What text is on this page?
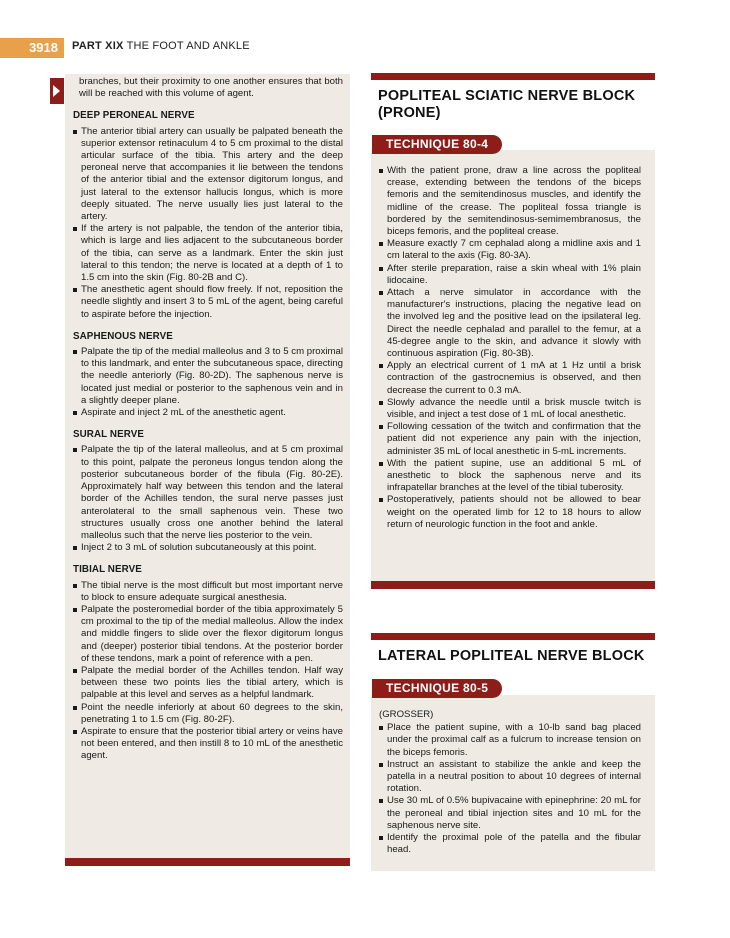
3918	PART XIX THE FOOT AND ANKLE

branches, but their proximity to one another ensures that both will be reached with this volume of agent.

DEEP PERONEAL NERVE
The anterior tibial artery can usually be palpated beneath the superior extensor retinaculum 4 to 5 cm proximal to the distal articular surface of the tibia. This artery and the deep peroneal nerve that accompanies it lie between the tendons of the anterior tibial and the extensor digitorum longus, and just lateral to the extensor hallucis longus, which is more deeply situated. The nerve usually lies just lateral to the artery.
If the artery is not palpable, the tendon of the anterior tibia, which is large and lies adjacent to the subcutaneous border of the tibia, can serve as a landmark. Enter the skin just lateral to this tendon; the nerve is located at a depth of 1 to 1.5 cm into the skin (Fig. 80-2B and C).
The anesthetic agent should flow freely. If not, reposition the needle slightly and insert 3 to 5 mL of the agent, being careful to aspirate before the injection.
SAPHENOUS NERVE
Palpate the tip of the medial malleolus and 3 to 5 cm proximal to this landmark, and enter the subcutaneous space, directing the needle anteriorly (Fig. 80-2D). The saphenous nerve is located just medial or posterior to the saphenous vein and in a slightly deeper plane.
Aspirate and inject 2 mL of the anesthetic agent.
SURAL NERVE
Palpate the tip of the lateral malleolus, and at 5 cm proximal to this point, palpate the peroneus longus tendon along the posterior subcutaneous border of the fibula (Fig. 80-2E). Approximately half way between this tendon and the lateral border of the Achilles tendon, the sural nerve passes just anterolateral to the small saphenous vein. These two structures usually cross one another behind the lateral malleolus such that the nerve lies posterior to the vein.
Inject 2 to 3 mL of solution subcutaneously at this point.
TIBIAL NERVE
The tibial nerve is the most difficult but most important nerve to block to ensure adequate surgical anesthesia.
Palpate the posteromedial border of the tibia approximately 5 cm proximal to the tip of the medial malleolus. Allow the index and middle fingers to slide over the flexor digitorum longus and (deeper) posterior tibial tendons. At the posterior border of these tendons, mark a point of reference with a pen.
Palpate the medial border of the Achilles tendon. Half way between these two points lies the tibial artery, which is palpable at this level and serves as a helpful landmark.
Point the needle inferiorly at about 60 degrees to the skin, penetrating 1 to 1.5 cm (Fig. 80-2F).
Aspirate to ensure that the posterior tibial artery or veins have not been entered, and then instill 8 to 10 mL of the anesthetic agent.
POPLITEAL SCIATIC NERVE BLOCK (PRONE)
TECHNIQUE 80-4
With the patient prone, draw a line across the popliteal crease, extending between the tendons of the biceps femoris and the semitendinosus muscles, and identify the midline of the crease. The popliteal fossa triangle is bordered by the semitendinosus-semimembranosus, the biceps femoris, and the popliteal crease.
Measure exactly 7 cm cephalad along a midline axis and 1 cm lateral to the axis (Fig. 80-3A).
After sterile preparation, raise a skin wheal with 1% plain lidocaine.
Attach a nerve simulator in accordance with the manufacturer's instructions, placing the negative lead on the involved leg and the positive lead on the ipsilateral leg. Direct the needle cephalad and parallel to the femur, at a 45-degree angle to the skin, and advance it slowly with continuous aspiration (Fig. 80-3B).
Apply an electrical current of 1 mA at 1 Hz until a brisk contraction of the gastrocnemius is observed, and then decrease the current to 0.3 mA.
Slowly advance the needle until a brisk muscle twitch is visible, and inject a test dose of 1 mL of local anesthetic.
Following cessation of the twitch and confirmation that the patient did not experience any pain with the injection, administer 35 mL of local anesthetic in 5-mL increments.
With the patient supine, use an additional 5 mL of anesthetic to block the saphenous nerve and its infrapatellar branches at the level of the tibial tuberosity.
Postoperatively, patients should not be allowed to bear weight on the operated limb for 12 to 18 hours to allow return of neurologic function in the foot and ankle.
LATERAL POPLITEAL NERVE BLOCK
TECHNIQUE 80-5
(GROSSER)
Place the patient supine, with a 10-lb sand bag placed under the proximal calf as a fulcrum to increase tension on the biceps femoris.
Instruct an assistant to stabilize the ankle and keep the patella in a neutral position to about 10 degrees of internal rotation.
Use 30 mL of 0.5% bupivacaine with epinephrine: 20 mL for the peroneal and tibial injection sites and 10 mL for the saphenous nerve site.
Identify the proximal pole of the patella and the fibular head.
